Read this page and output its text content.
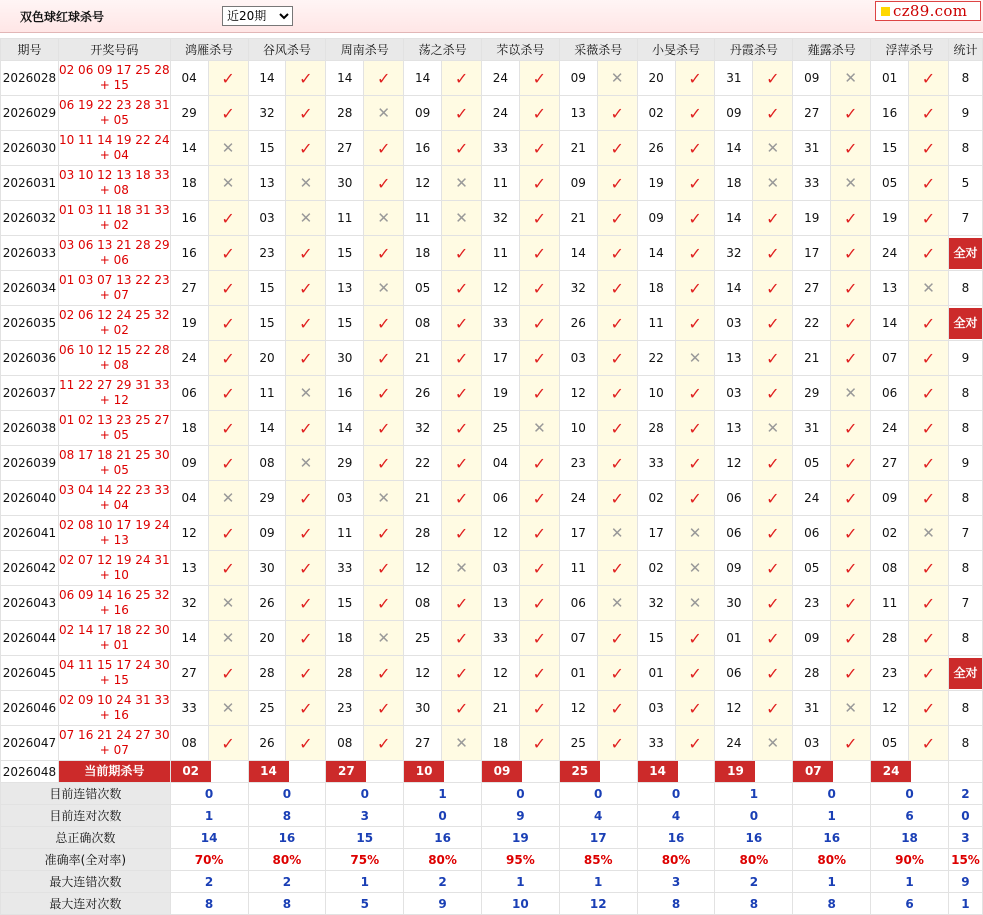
双色球红球杀号
近20期	cz89.com
期号	开奖号码	鸿雁杀号		谷风杀号		周南杀号		荡之杀号		芣苡杀号		采薇杀号		小旻杀号		丹霞杀号		薤露杀号		浮萍杀号		统计
2026028	02 06 09 17 25 28
+ 15	04	✓	14	✓	14	✓	14	✓	24	✓	09	✕	20	✓	31	✓	09	✕	01	✓	8
2026029	06 19 22 23 28 31
+ 05	29	✓	32	✓	28	✕	09	✓	24	✓	13	✓	02	✓	09	✓	27	✓	16	✓	9
2026030	10 11 14 19 22 24
+ 04	14	✕	15	✓	27	✓	16	✓	33	✓	21	✓	26	✓	14	✕	31	✓	15	✓	8
2026031	03 10 12 13 18 33
+ 08	18	✕	13	✕	30	✓	12	✕	11	✓	09	✓	19	✓	18	✕	33	✕	05	✓	5
2026032	01 03 11 18 31 33
+ 02	16	✓	03	✕	11	✕	11	✕	32	✓	21	✓	09	✓	14	✓	19	✓	19	✓	7
2026033	03 06 13 21 28 29
+ 06	16	✓	23	✓	15	✓	18	✓	11	✓	14	✓	14	✓	32	✓	17	✓	24	✓	全对
2026034	01 03 07 13 22 23
+ 07	27	✓	15	✓	13	✕	05	✓	12	✓	32	✓	18	✓	14	✓	27	✓	13	✕	8
2026035	02 06 12 24 25 32
+ 02	19	✓	15	✓	15	✓	08	✓	33	✓	26	✓	11	✓	03	✓	22	✓	14	✓	全对
2026036	06 10 12 15 22 28
+ 08	24	✓	20	✓	30	✓	21	✓	17	✓	03	✓	22	✕	13	✓	21	✓	07	✓	9
2026037	11 22 27 29 31 33
+ 12	06	✓	11	✕	16	✓	26	✓	19	✓	12	✓	10	✓	03	✓	29	✕	06	✓	8
2026038	01 02 13 23 25 27
+ 05	18	✓	14	✓	14	✓	32	✓	25	✕	10	✓	28	✓	13	✕	31	✓	24	✓	8
2026039	08 17 18 21 25 30
+ 05	09	✓	08	✕	29	✓	22	✓	04	✓	23	✓	33	✓	12	✓	05	✓	27	✓	9
2026040	03 04 14 22 23 33
+ 04	04	✕	29	✓	03	✕	21	✓	06	✓	24	✓	02	✓	06	✓	24	✓	09	✓	8
2026041	02 08 10 17 19 24
+ 13	12	✓	09	✓	11	✓	28	✓	12	✓	17	✕	17	✕	06	✓	06	✓	02	✕	7
2026042	02 07 12 19 24 31
+ 10	13	✓	30	✓	33	✓	12	✕	03	✓	11	✓	02	✕	09	✓	05	✓	08	✓	8
2026043	06 09 14 16 25 32
+ 16	32	✕	26	✓	15	✓	08	✓	13	✓	06	✕	32	✕	30	✓	23	✓	11	✓	7
2026044	02 14 17 18 22 30
+ 01	14	✕	20	✓	18	✕	25	✓	33	✓	07	✓	15	✓	01	✓	09	✓	28	✓	8
2026045	04 11 15 17 24 30
+ 15	27	✓	28	✓	28	✓	12	✓	12	✓	01	✓	01	✓	06	✓	28	✓	23	✓	全对
2026046	02 09 10 24 31 33
+ 16	33	✕	25	✓	23	✓	30	✓	21	✓	12	✓	03	✓	12	✓	31	✕	12	✓	8
2026047	07 16 21 24 27 30
+ 07	08	✓	26	✓	08	✓	27	✕	18	✓	25	✓	33	✓	24	✕	03	✓	05	✓	8
2026048	当前期杀号	02		14		27		10		09		25		14		19		07		24		

目前连错次数		0		0		0		1		0		0		0		1		0		0		2
目前连对次数		1		8		3		0		9		4		4		0		1		6		0
总正确次数		14		16		15		16		19		17		16		16		16		18		3
准确率(全对率)		70%		80%		75%		80%		95%		85%		80%		80%		80%		90%		15%
最大连错次数		2		2		1		2		1		1		3		2		1		1		9
最大连对次数		8		8		5		9		10		12		8		8		8		6		1
